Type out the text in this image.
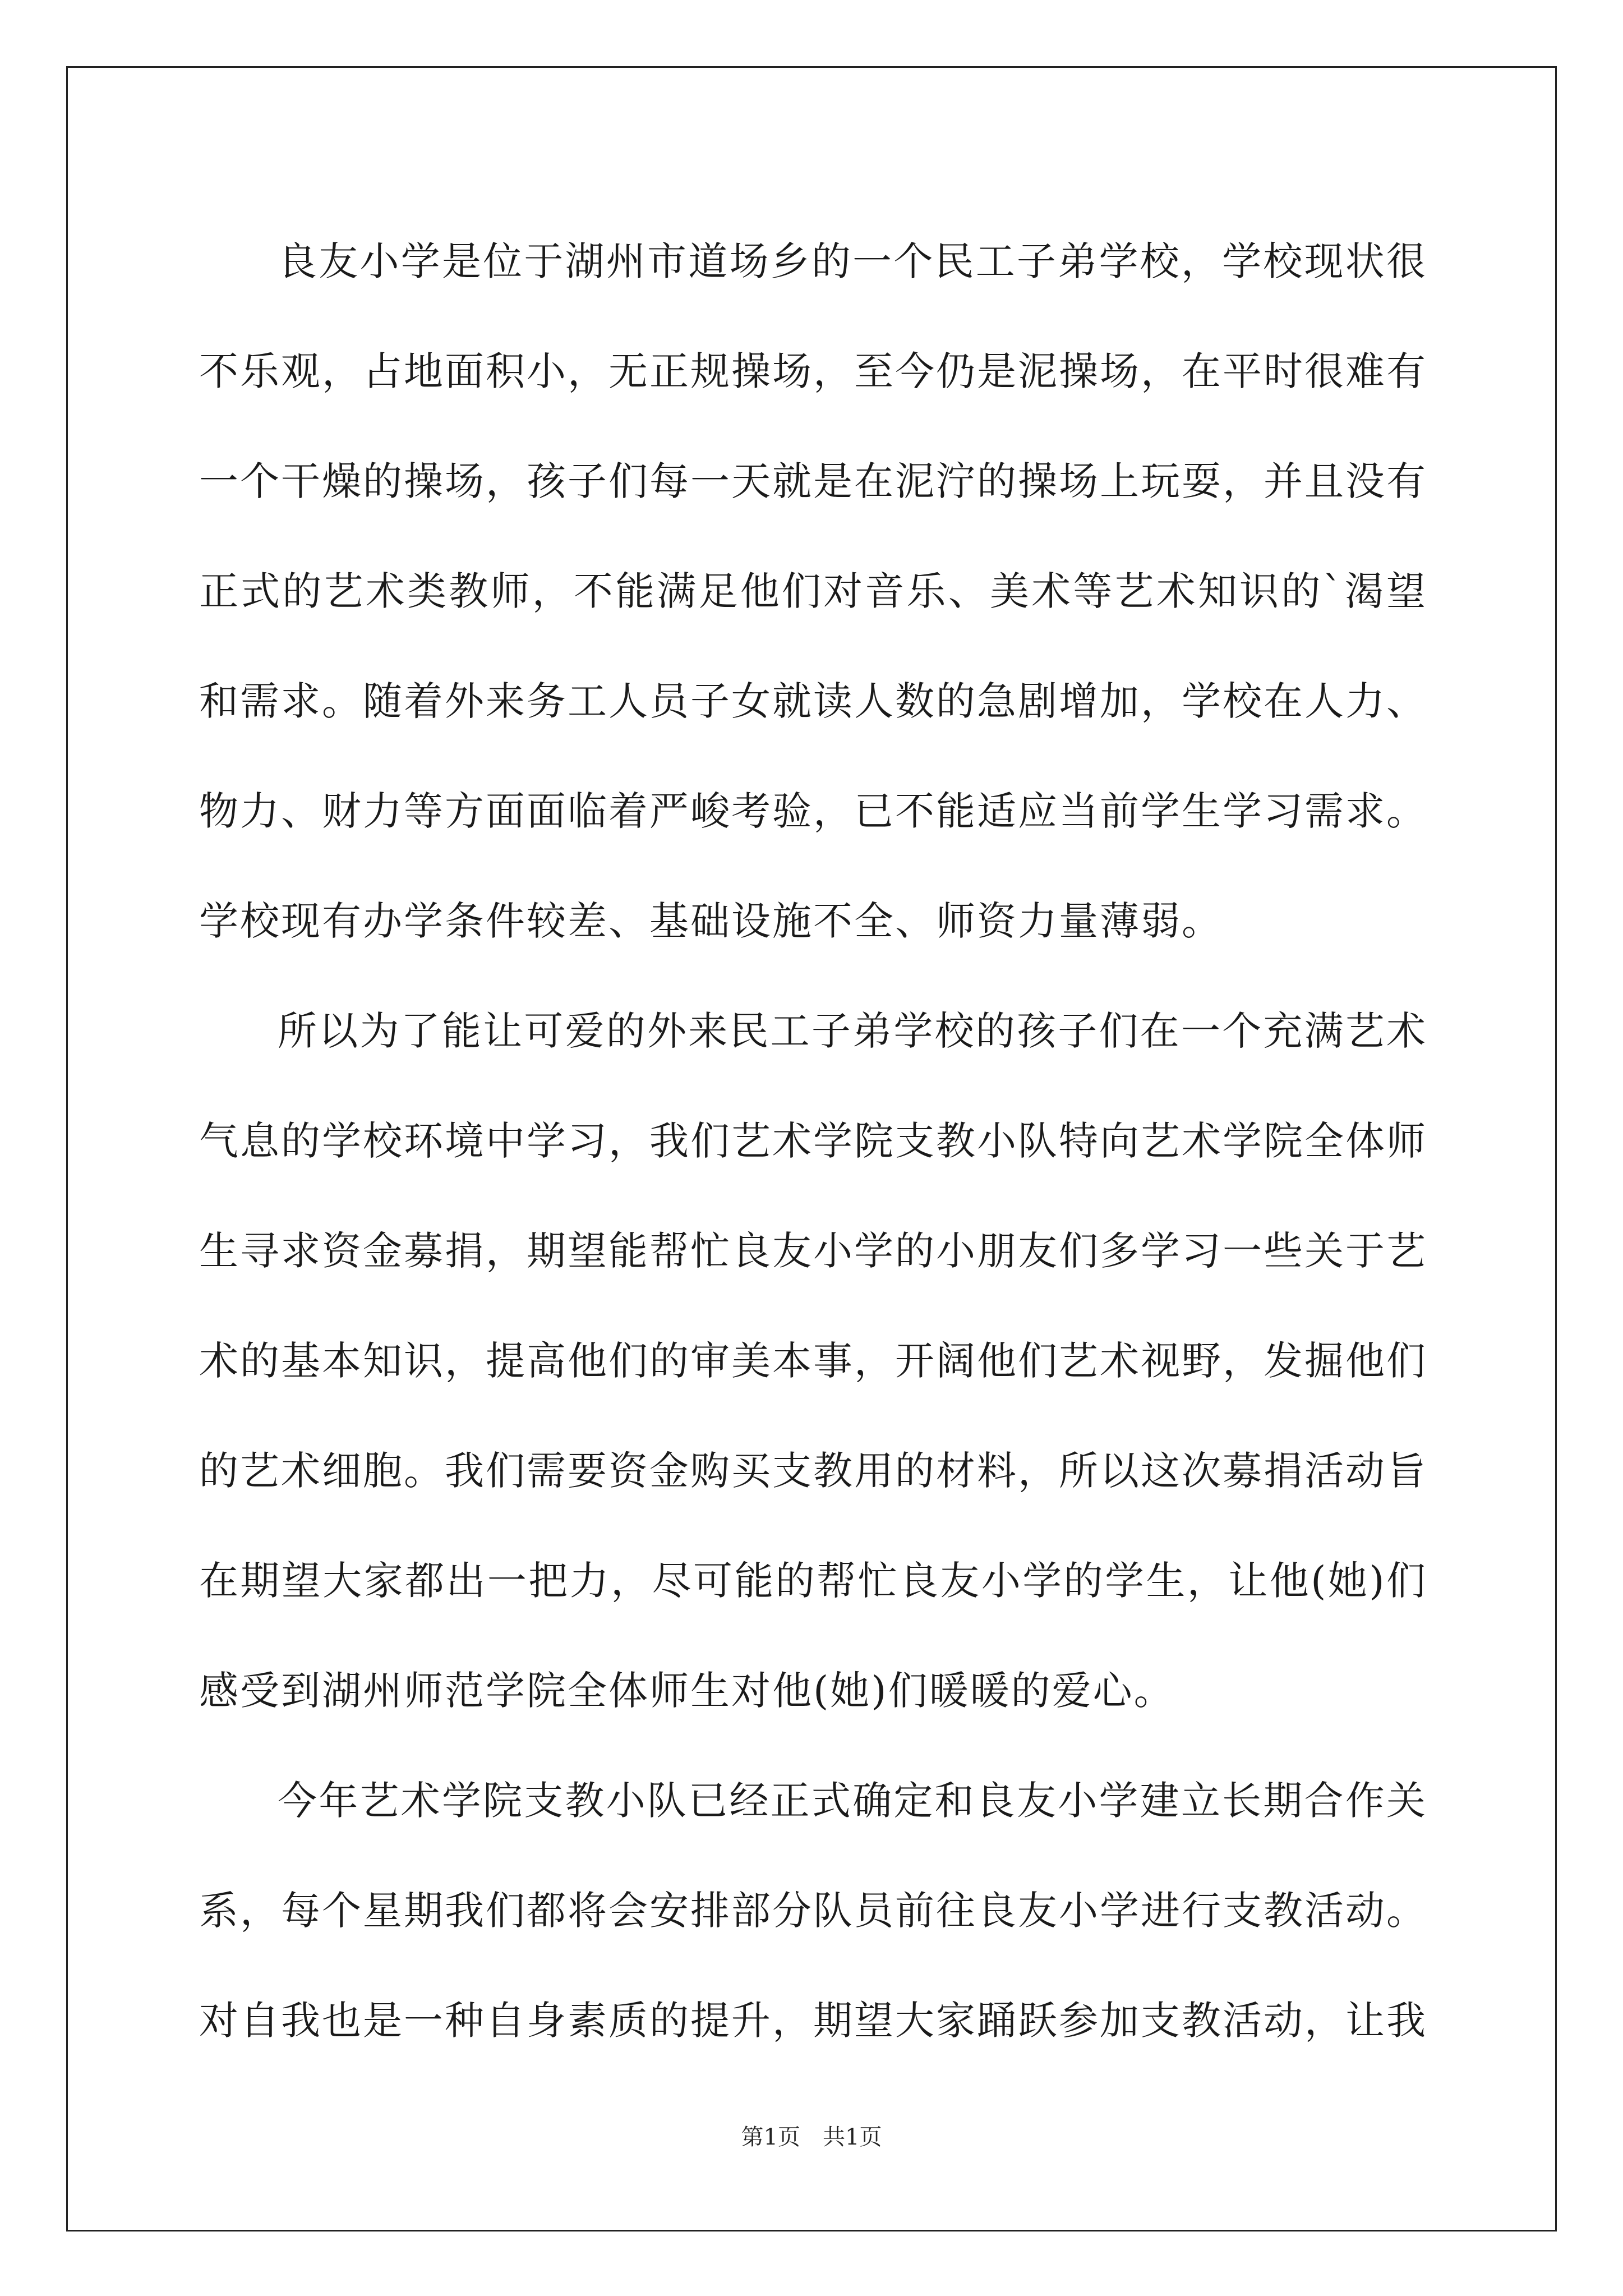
良友小学是位于湖州市道场乡的一个民工子弟学校，学校现状很不乐观，占地面积小，无正规操场，至今仍是泥操场，在平时很难有一个干燥的操场，孩子们每一天就是在泥泞的操场上玩耍，并且没有正式的艺术类教师，不能满足他们对音乐、美术等艺术知识的`渴望和需求。随着外来务工人员子女就读人数的急剧增加，学校在人力、物力、财力等方面面临着严峻考验，已不能适应当前学生学习需求。学校现有办学条件较差、基础设施不全、师资力量薄弱。

所以为了能让可爱的外来民工子弟学校的孩子们在一个充满艺术气息的学校环境中学习，我们艺术学院支教小队特向艺术学院全体师生寻求资金募捐，期望能帮忙良友小学的小朋友们多学习一些关于艺术的基本知识，提高他们的审美本事，开阔他们艺术视野，发掘他们的艺术细胞。我们需要资金购买支教用的材料，所以这次募捐活动旨在期望大家都出一把力，尽可能的帮忙良友小学的学生，让他(她)们感受到湖州师范学院全体师生对他(她)们暖暖的爱心。

今年艺术学院支教小队已经正式确定和良友小学建立长期合作关系，每个星期我们都将会安排部分队员前往良友小学进行支教活动。对自我也是一种自身素质的提升，期望大家踊跃参加支教活动，让我

第1页 共1页
